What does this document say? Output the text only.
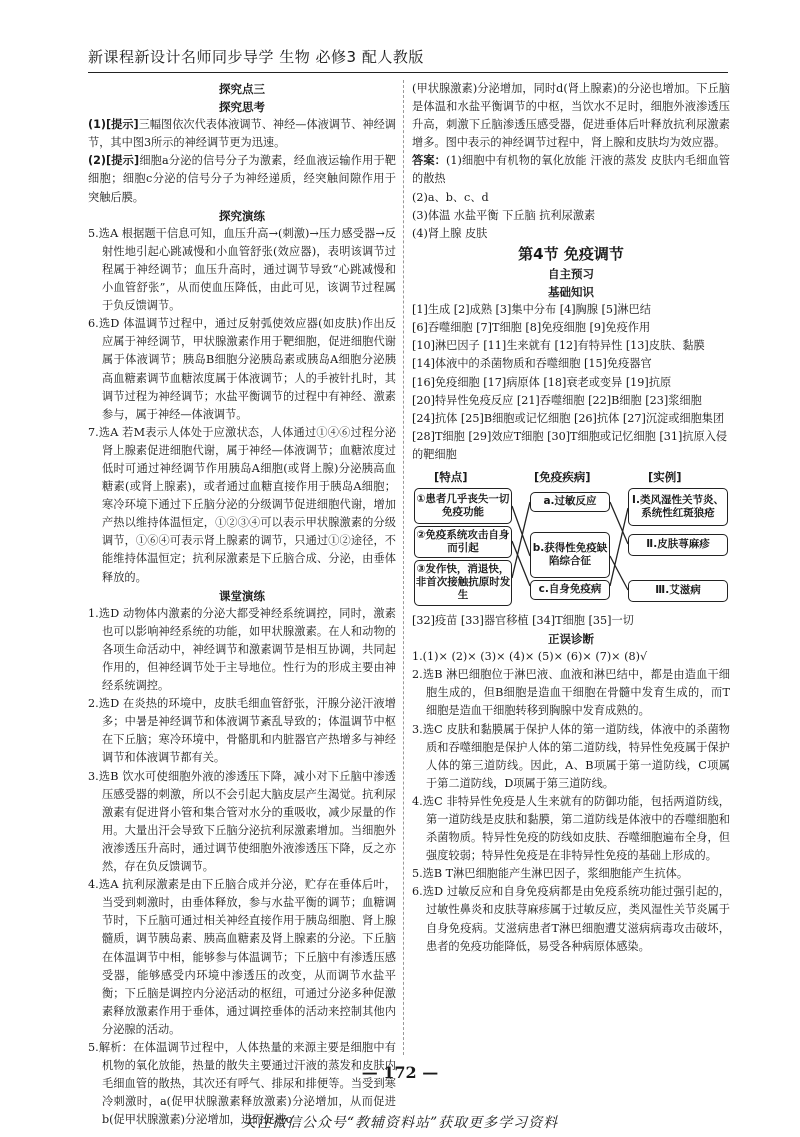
新课程新设计名师同步导学 生物 必修3 配人教版

探究点三

探究思考

(1)[提示]三幅图依次代表体液调节、神经—体液调节、神经调节，其中图3所示的神经调节更为迅速。

(2)[提示]细胞a分泌的信号分子为激素，经血液运输作用于靶细胞；细胞c分泌的信号分子为神经递质，经突触间隙作用于突触后膜。

探究演练

5.选A 根据题干信息可知，血压升高→(刺激)→压力感受器→反射性地引起心跳减慢和小血管舒张(效应器)，表明该调节过程属于神经调节；血压升高时，通过调节导致“心跳减慢和小血管舒张”，从而使血压降低，由此可见，该调节过程属于负反馈调节。

6.选D 体温调节过程中，通过反射弧使效应器(如皮肤)作出反应属于神经调节，甲状腺激素作用于靶细胞，促进细胞代谢属于体液调节；胰岛B细胞分泌胰岛素或胰岛A细胞分泌胰高血糖素调节血糖浓度属于体液调节；人的手被针扎时，其调节过程为神经调节；水盐平衡调节的过程中有神经、激素参与，属于神经—体液调节。

7.选A 若M表示人体处于应激状态，人体通过①④⑥过程分泌肾上腺素促进细胞代谢，属于神经—体液调节；血糖浓度过低时可通过神经调节作用胰岛A细胞(或肾上腺)分泌胰高血糖素(或肾上腺素)，或者通过血糖直接作用于胰岛A细胞；寒冷环境下通过下丘脑分泌的分级调节促进细胞代谢，增加产热以维持体温恒定，①②③④可以表示甲状腺激素的分级调节，①⑥④可表示肾上腺素的调节，只通过①②途径，不能维持体温恒定；抗利尿激素是下丘脑合成、分泌，由垂体释放的。

课堂演练

1.选D 动物体内激素的分泌大都受神经系统调控，同时，激素也可以影响神经系统的功能，如甲状腺激素。在人和动物的各项生命活动中，神经调节和激素调节是相互协调，共同起作用的，但神经调节处于主导地位。性行为的形成主要由神经系统调控。

2.选D 在炎热的环境中，皮肤毛细血管舒张，汗腺分泌汗液增多；中暑是神经调节和体液调节紊乱导致的；体温调节中枢在下丘脑；寒冷环境中，骨骼肌和内脏器官产热增多与神经调节和体液调节都有关。

3.选B 饮水可使细胞外液的渗透压下降，减小对下丘脑中渗透压感受器的刺激，所以不会引起大脑皮层产生渴觉。抗利尿激素有促进肾小管和集合管对水分的重吸收，减少尿量的作用。大量出汗会导致下丘脑分泌抗利尿激素增加。当细胞外液渗透压升高时，通过调节使细胞外液渗透压下降，反之亦然，存在负反馈调节。

4.选A 抗利尿激素是由下丘脑合成并分泌，贮存在垂体后叶，当受到刺激时，由垂体释放，参与水盐平衡的调节；血糖调节时，下丘脑可通过相关神经直接作用于胰岛细胞、肾上腺髓质，调节胰岛素、胰高血糖素及肾上腺素的分泌。下丘脑在体温调节中相，能够参与体温调节；下丘脑中有渗透压感受器，能够感受内环境中渗透压的改变，从而调节水盐平衡；下丘脑是调控内分泌活动的枢纽，可通过分泌多种促激素释放激素作用于垂体，通过调控垂体的活动来控制其他内分泌腺的活动。

5.解析：在体温调节过程中，人体热量的来源主要是细胞中有机物的氧化放能，热量的散失主要通过汗液的蒸发和皮肤内毛细血管的散热，其次还有呼气、排尿和排便等。当受到寒冷刺激时，a(促甲状腺激素释放激素)分泌增加，从而促进b(促甲状腺激素)分泌增加，进而促进c

(甲状腺激素)分泌增加，同时d(肾上腺素)的分泌也增加。下丘脑是体温和水盐平衡调节的中枢，当饮水不足时，细胞外液渗透压升高，刺激下丘脑渗透压感受器，促进垂体后叶释放抗利尿激素增多。图中表示的神经调节过程中，肾上腺和皮肤均为效应器。

答案：(1)细胞中有机物的氧化放能 汗液的蒸发 皮肤内毛细血管的散热

(2)a、b、c、d

(3)体温 水盐平衡 下丘脑 抗利尿激素

(4)肾上腺 皮肤

第4节 免疫调节

自主预习

基础知识

[1]生成 [2]成熟 [3]集中分布 [4]胸腺 [5]淋巴结

[6]吞噬细胞 [7]T细胞 [8]免疫细胞 [9]免疫作用

[10]淋巴因子 [11]生来就有 [12]有特异性 [13]皮肤、黏膜

[14]体液中的杀菌物质和吞噬细胞 [15]免疫器官

[16]免疫细胞 [17]病原体 [18]衰老或变异 [19]抗原

[20]特异性免疫反应 [21]吞噬细胞 [22]B细胞 [23]浆细胞

[24]抗体 [25]B细胞或记忆细胞 [26]抗体 [27]沉淀或细胞集团 [28]T细胞 [29]效应T细胞 [30]T细胞或记忆细胞 [31]抗原入侵的靶细胞

[特点]	[免疫疾病]	[实例]
①患者几乎丧失一切免疫功能
②免疫系统攻击自身而引起
③发作快，消退快，非首次接触抗原时发生
a.过敏反应
b.获得性免疫缺陷综合征
c.自身免疫病
Ⅰ.类风湿性关节炎、系统性红斑狼疮
Ⅱ.皮肤荨麻疹
Ⅲ.艾滋病

[32]疫苗 [33]器官移植 [34]T细胞 [35]一切

正误诊断

1.(1)× (2)× (3)× (4)× (5)× (6)× (7)× (8)√

2.选B 淋巴细胞位于淋巴液、血液和淋巴结中，都是由造血干细胞生成的，但B细胞是造血干细胞在骨髓中发育生成的，而T细胞是造血干细胞转移到胸腺中发育成熟的。

3.选C 皮肤和黏膜属于保护人体的第一道防线，体液中的杀菌物质和吞噬细胞是保护人体的第二道防线，特异性免疫属于保护人体的第三道防线。因此，A、B项属于第一道防线，C项属于第二道防线，D项属于第三道防线。

4.选C 非特异性免疫是人生来就有的防御功能，包括两道防线，第一道防线是皮肤和黏膜，第二道防线是体液中的吞噬细胞和杀菌物质。特异性免疫的防线如皮肤、吞噬细胞遍布全身，但强度较弱；特异性免疫是在非特异性免疫的基础上形成的。

5.选B T淋巴细胞能产生淋巴因子，浆细胞能产生抗体。

6.选D 过敏反应和自身免疫病都是由免疫系统功能过强引起的，过敏性鼻炎和皮肤荨麻疹属于过敏反应，类风湿性关节炎属于自身免疫病。艾滋病患者T淋巴细胞遭艾滋病病毒攻击破坏，患者的免疫功能降低，易受各种病原体感染。

— 172 —
关注微信公众号“教辅资料站”获取更多学习资料
